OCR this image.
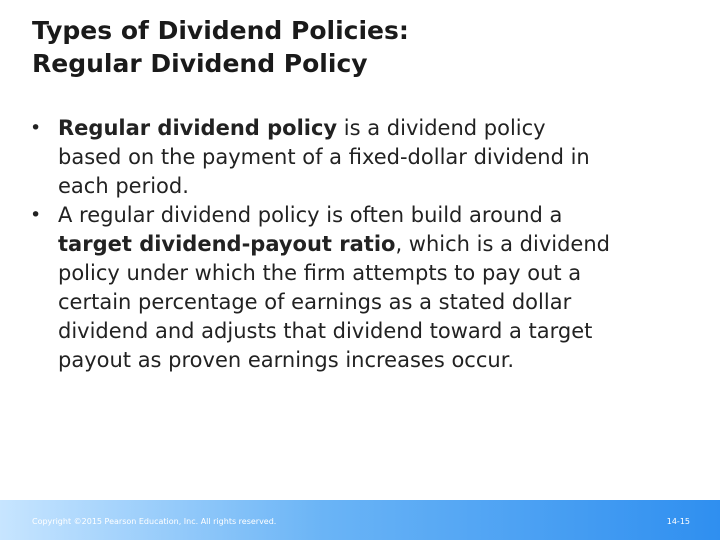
Types of Dividend Policies:
Regular Dividend Policy
• Regular dividend policy is a dividend policy
based on the payment of a fixed-dollar dividend in
each period.
• A regular dividend policy is often build around a
target dividend-payout ratio, which is a dividend
policy under which the firm attempts to pay out a
certain percentage of earnings as a stated dollar
dividend and adjusts that dividend toward a target
payout as proven earnings increases occur.
Copyright ©2015 Pearson Education, Inc. All rights reserved.	14-15
